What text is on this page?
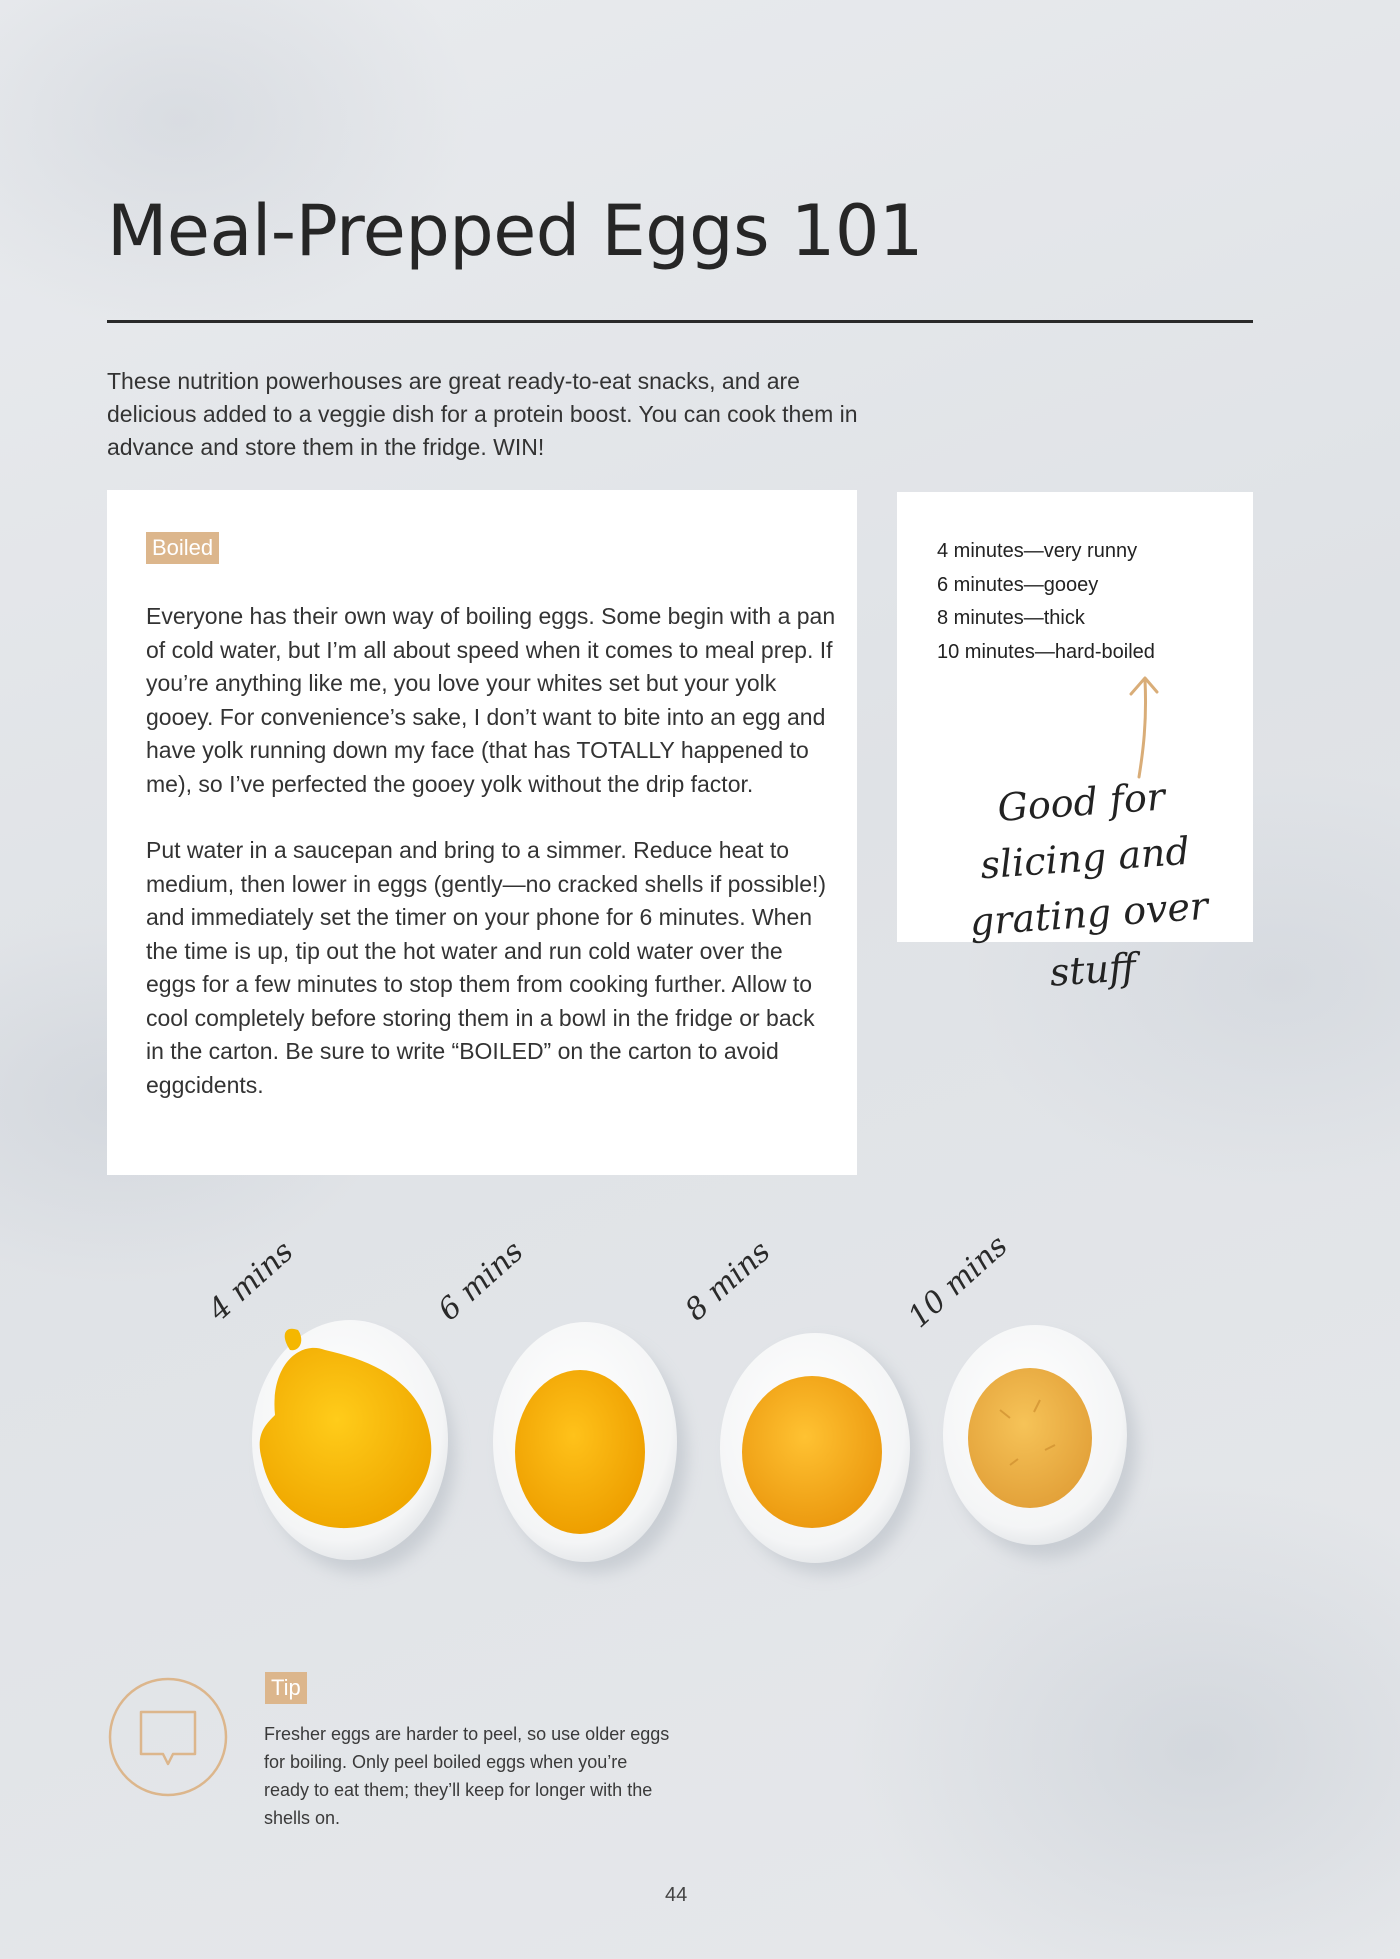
Meal-Prepped Eggs 101

These nutrition powerhouses are great ready-to-eat snacks, and are delicious added to a veggie dish for a protein boost. You can cook them in advance and store them in the fridge. WIN!

Boiled

Everyone has their own way of boiling eggs. Some begin with a pan of cold water, but I’m all about speed when it comes to meal prep. If you’re anything like me, you love your whites set but your yolk gooey. For convenience’s sake, I don’t want to bite into an egg and have yolk running down my face (that has TOTALLY happened to me), so I’ve perfected the gooey yolk without the drip factor.

Put water in a saucepan and bring to a simmer. Reduce heat to medium, then lower in eggs (gently—no cracked shells if possible!) and immediately set the timer on your phone for 6 minutes. When the time is up, tip out the hot water and run cold water over the eggs for a few minutes to stop them from cooking further. Allow to cool completely before storing them in a bowl in the fridge or back in the carton. Be sure to write “BOILED” on the carton to avoid eggcidents.

4 minutes—very runny
6 minutes—gooey
8 minutes—thick
10 minutes—hard-boiled
Good for slicing and grating over stuff
4 mins	6 mins	8 mins	10 mins
Tip

Fresher eggs are harder to peel, so use older eggs for boiling. Only peel boiled eggs when you’re ready to eat them; they’ll keep for longer with the shells on.

44
